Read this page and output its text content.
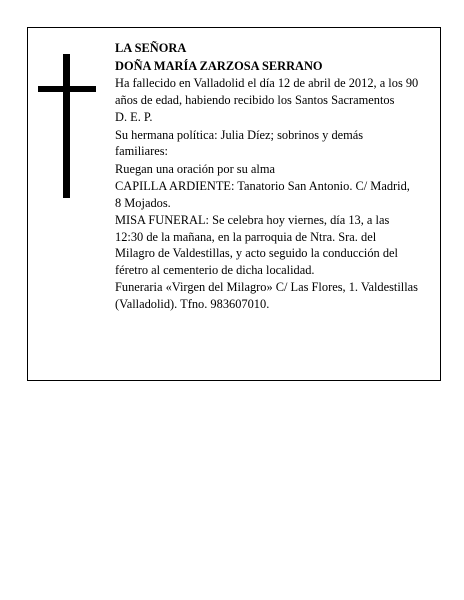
LA SEÑORA

DOÑA MARÍA ZARZOSA SERRANO

Ha fallecido en Valladolid el día 12 de abril de 2012, a los 90 años de edad, habiendo recibido los Santos Sacramentos

D. E. P.

Su hermana política: Julia Díez; sobrinos y demás familiares:

Ruegan una oración por su alma

CAPILLA ARDIENTE: Tanatorio San Antonio. C/ Madrid, 8 Mojados.

MISA FUNERAL: Se celebra hoy viernes, día 13, a las 12:30 de la mañana, en la parroquia de Ntra. Sra. del Milagro de Valdestillas, y acto seguido la conducción del féretro al cementerio de dicha localidad.

Funeraria «Virgen del Milagro» C/ Las Flores, 1. Valdestillas (Valladolid). Tfno. 983607010.
